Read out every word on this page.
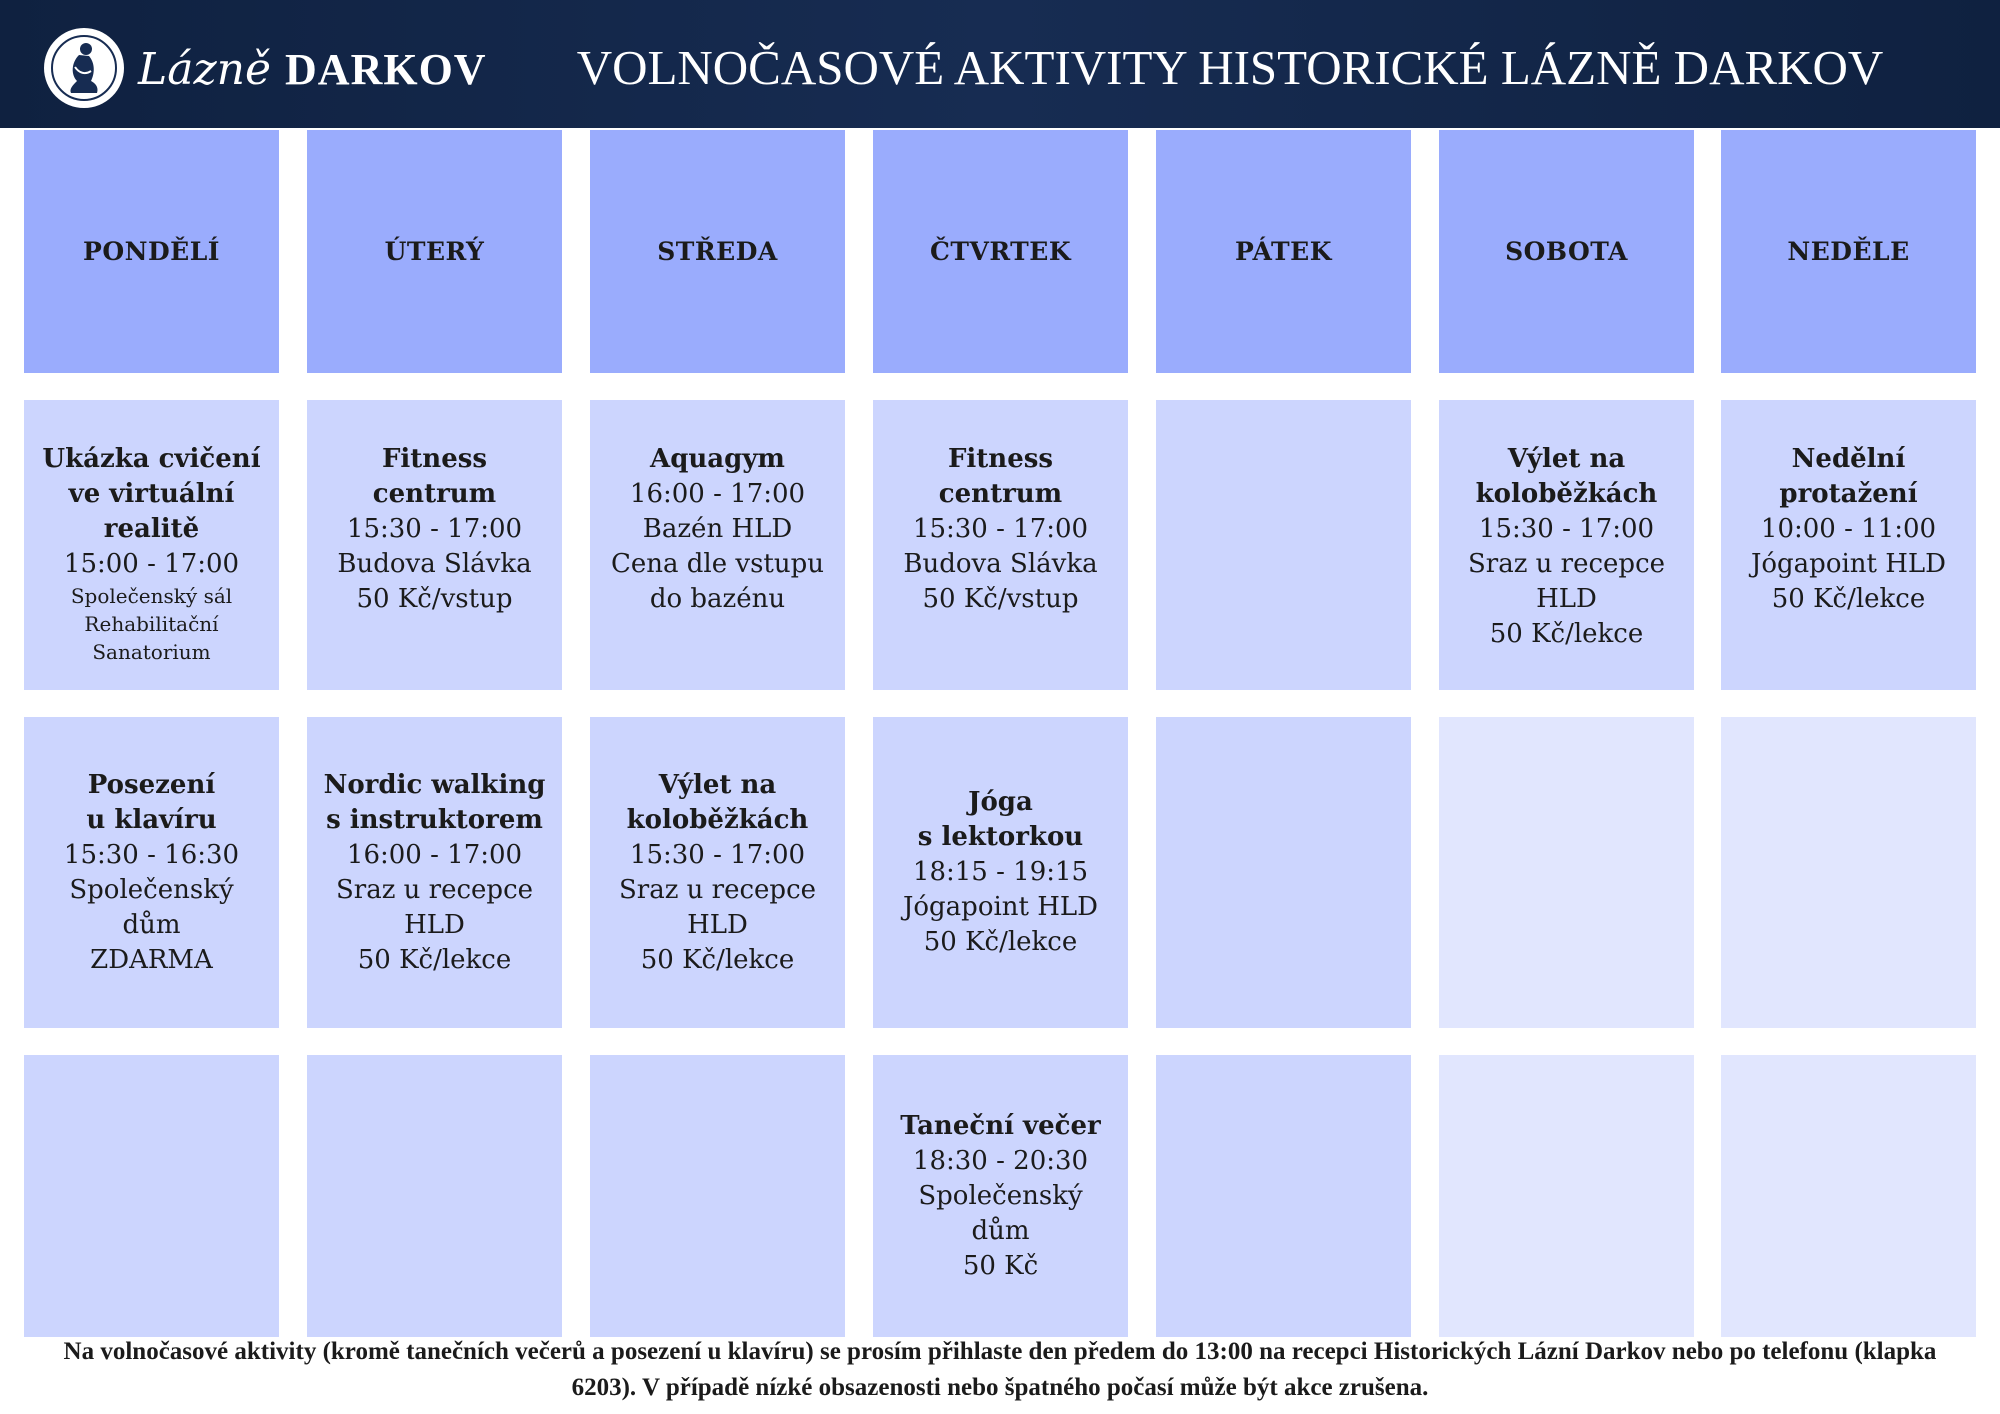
Lázně DARKOV	VOLNOČASOVÉ AKTIVITY HISTORICKÉ LÁZNĚ DARKOV
PONDĚLÍ
Ukázka cvičení
ve virtuální
realitě
15:00 - 17:00
Společenský sál
Rehabilitační
Sanatorium
Posezení
u klavíru
15:30 - 16:30
Společenský
dům
ZDARMA
ÚTERÝ
Fitness
centrum
15:30 - 17:00
Budova Slávka
50 Kč/vstup
Nordic walking
s instruktorem
16:00 - 17:00
Sraz u recepce
HLD
50 Kč/lekce
STŘEDA
Aquagym
16:00 - 17:00
Bazén HLD
Cena dle vstupu
do bazénu
Výlet na
koloběžkách
15:30 - 17:00
Sraz u recepce
HLD
50 Kč/lekce
ČTVRTEK
Fitness
centrum
15:30 - 17:00
Budova Slávka
50 Kč/vstup
Jóga
s lektorkou
18:15 - 19:15
Jógapoint HLD
50 Kč/lekce
Taneční večer
18:30 - 20:30
Společenský
dům
50 Kč
PÁTEK	SOBOTA
Výlet na
koloběžkách
15:30 - 17:00
Sraz u recepce
HLD
50 Kč/lekce
NEDĚLE
Nedělní
protažení
10:00 - 11:00
Jógapoint HLD
50 Kč/lekce
Na volnočasové aktivity (kromě tanečních večerů a posezení u klavíru) se prosím přihlaste den předem do 13:00 na recepci Historických Lázní Darkov nebo po telefonu (klapka 6203). V případě nízké obsazenosti nebo špatného počasí může být akce zrušena.
